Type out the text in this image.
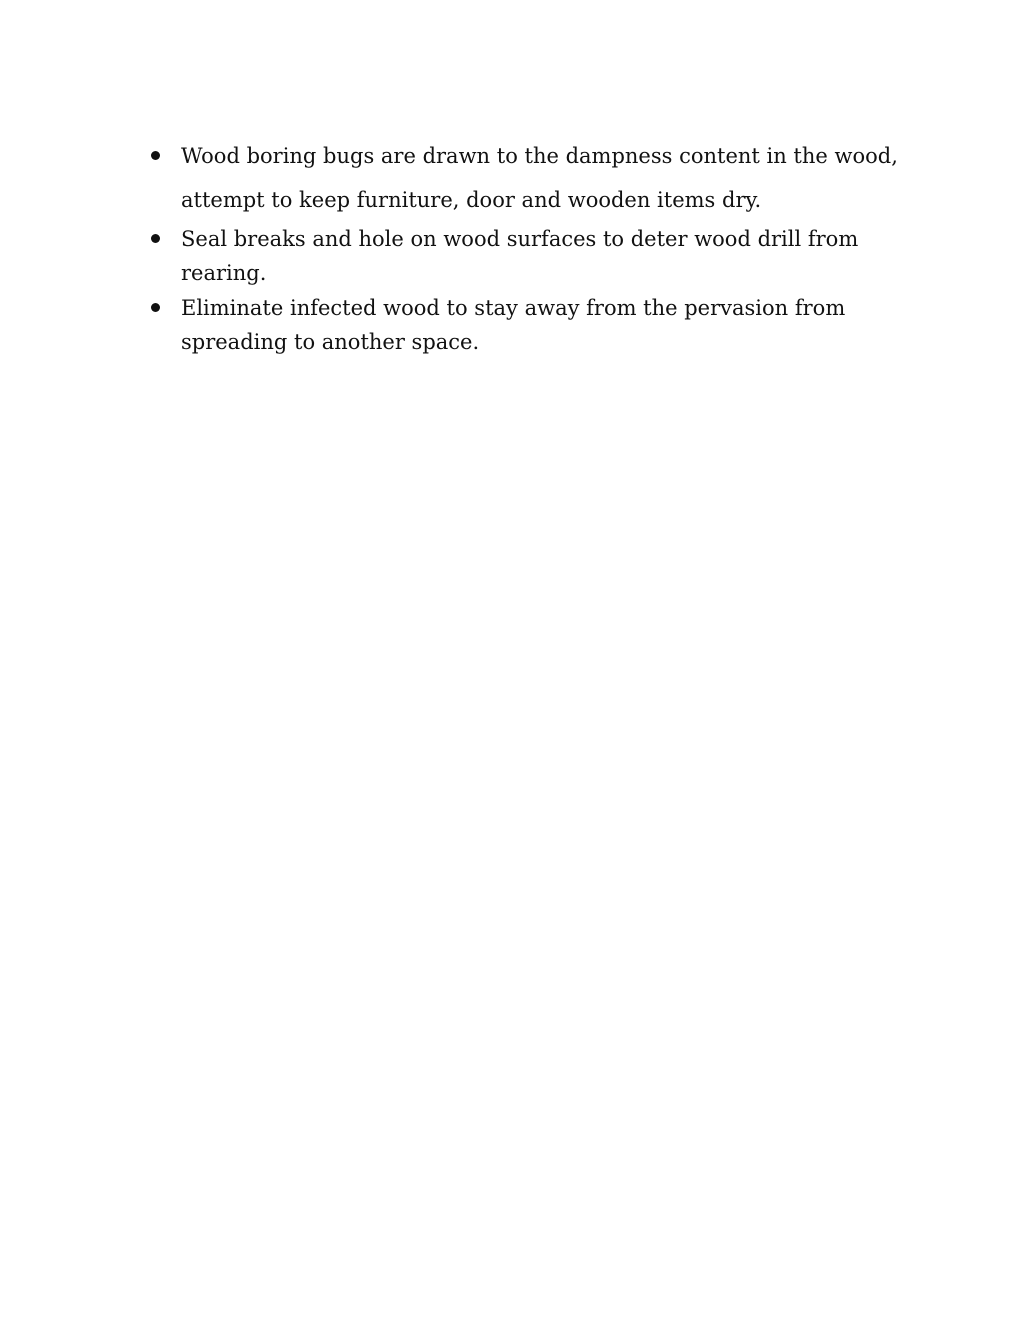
Wood boring bugs are drawn to the dampness content in the wood, attempt to keep furniture, door and wooden items dry.
Seal breaks and hole on wood surfaces to deter wood drill from rearing.
Eliminate infected wood to stay away from the pervasion from spreading to another space.
